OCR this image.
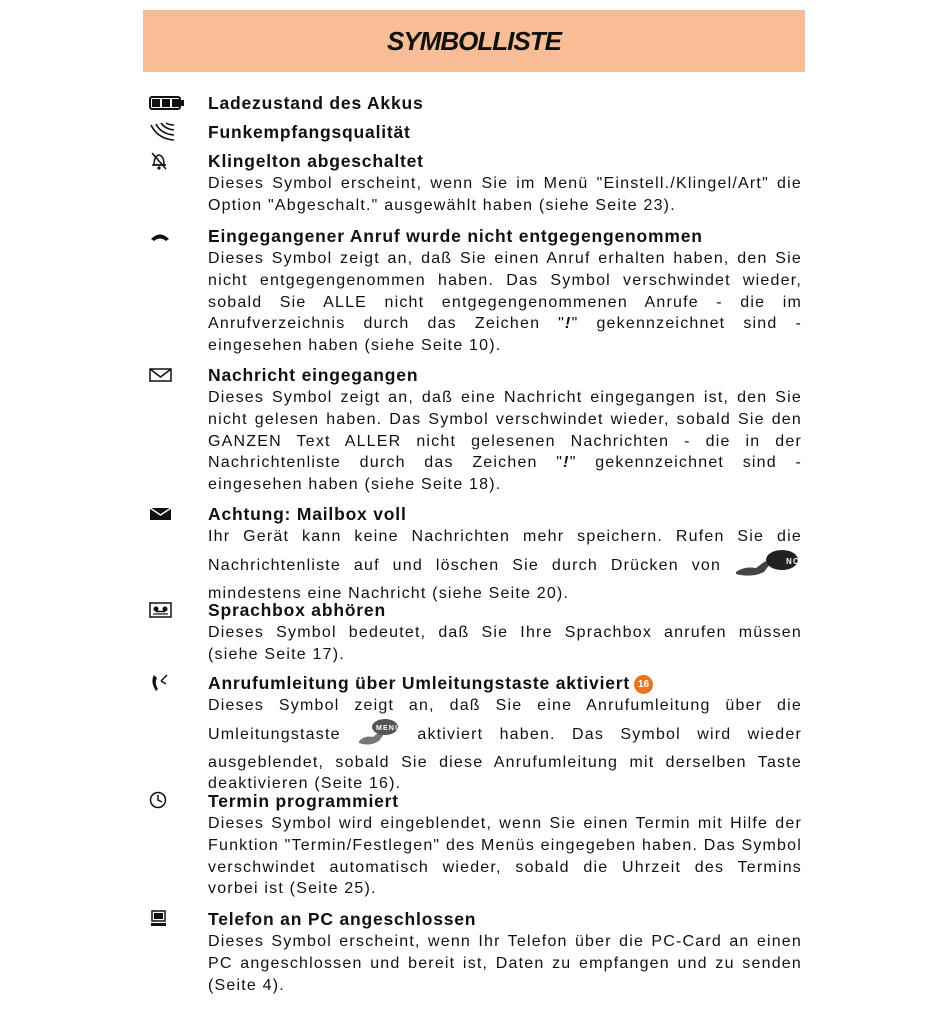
SYMBOLLISTE
Ladezustand des Akkus
Funkempfangsqualität
Klingelton abgeschaltet
Dieses Symbol erscheint, wenn Sie im Menü "Einstell./Klingel/Art" die Option "Abgeschalt." ausgewählt haben (siehe Seite 23).
Eingegangener Anruf wurde nicht entgegengenommen
Dieses Symbol zeigt an, daß Sie einen Anruf erhalten haben, den Sie nicht entgegengenommen haben. Das Symbol verschwindet wieder, sobald Sie ALLE nicht entgegengenommenen Anrufe - die im Anrufverzeichnis durch das Zeichen "!" gekennzeichnet sind - eingesehen haben (siehe Seite 10).
Nachricht eingegangen
Dieses Symbol zeigt an, daß eine Nachricht eingegangen ist, den Sie nicht gelesen haben. Das Symbol verschwindet wieder, sobald Sie den GANZEN Text ALLER nicht gelesenen Nachrichten - die in der Nachrichtenliste durch das Zeichen "!" gekennzeichnet sind - eingesehen haben (siehe Seite 18).
Achtung: Mailbox voll
Ihr Gerät kann keine Nachrichten mehr speichern. Rufen Sie die Nachrichtenliste auf und löschen Sie durch Drücken von	NO
mindestens eine Nachricht (siehe Seite 20).
Sprachbox abhören
Dieses Symbol bedeutet, daß Sie Ihre Sprachbox anrufen müssen (siehe Seite 17).
Anrufumleitung über Umleitungstaste aktiviert 16
Dieses Symbol zeigt an, daß Sie eine Anrufumleitung über die Umleitungstaste	MENU aktiviert haben. Das Symbol wird wieder ausgeblendet, sobald Sie diese Anrufumleitung mit derselben Taste deaktivieren (Seite 16).
Termin programmiert
Dieses Symbol wird eingeblendet, wenn Sie einen Termin mit Hilfe der Funktion "Termin/Festlegen" des Menüs eingegeben haben. Das Symbol verschwindet automatisch wieder, sobald die Uhrzeit des Termins vorbei ist (Seite 25).
Telefon an PC angeschlossen
Dieses Symbol erscheint, wenn Ihr Telefon über die PC-Card an einen PC angeschlossen und bereit ist, Daten zu empfangen und zu senden (Seite 4).
